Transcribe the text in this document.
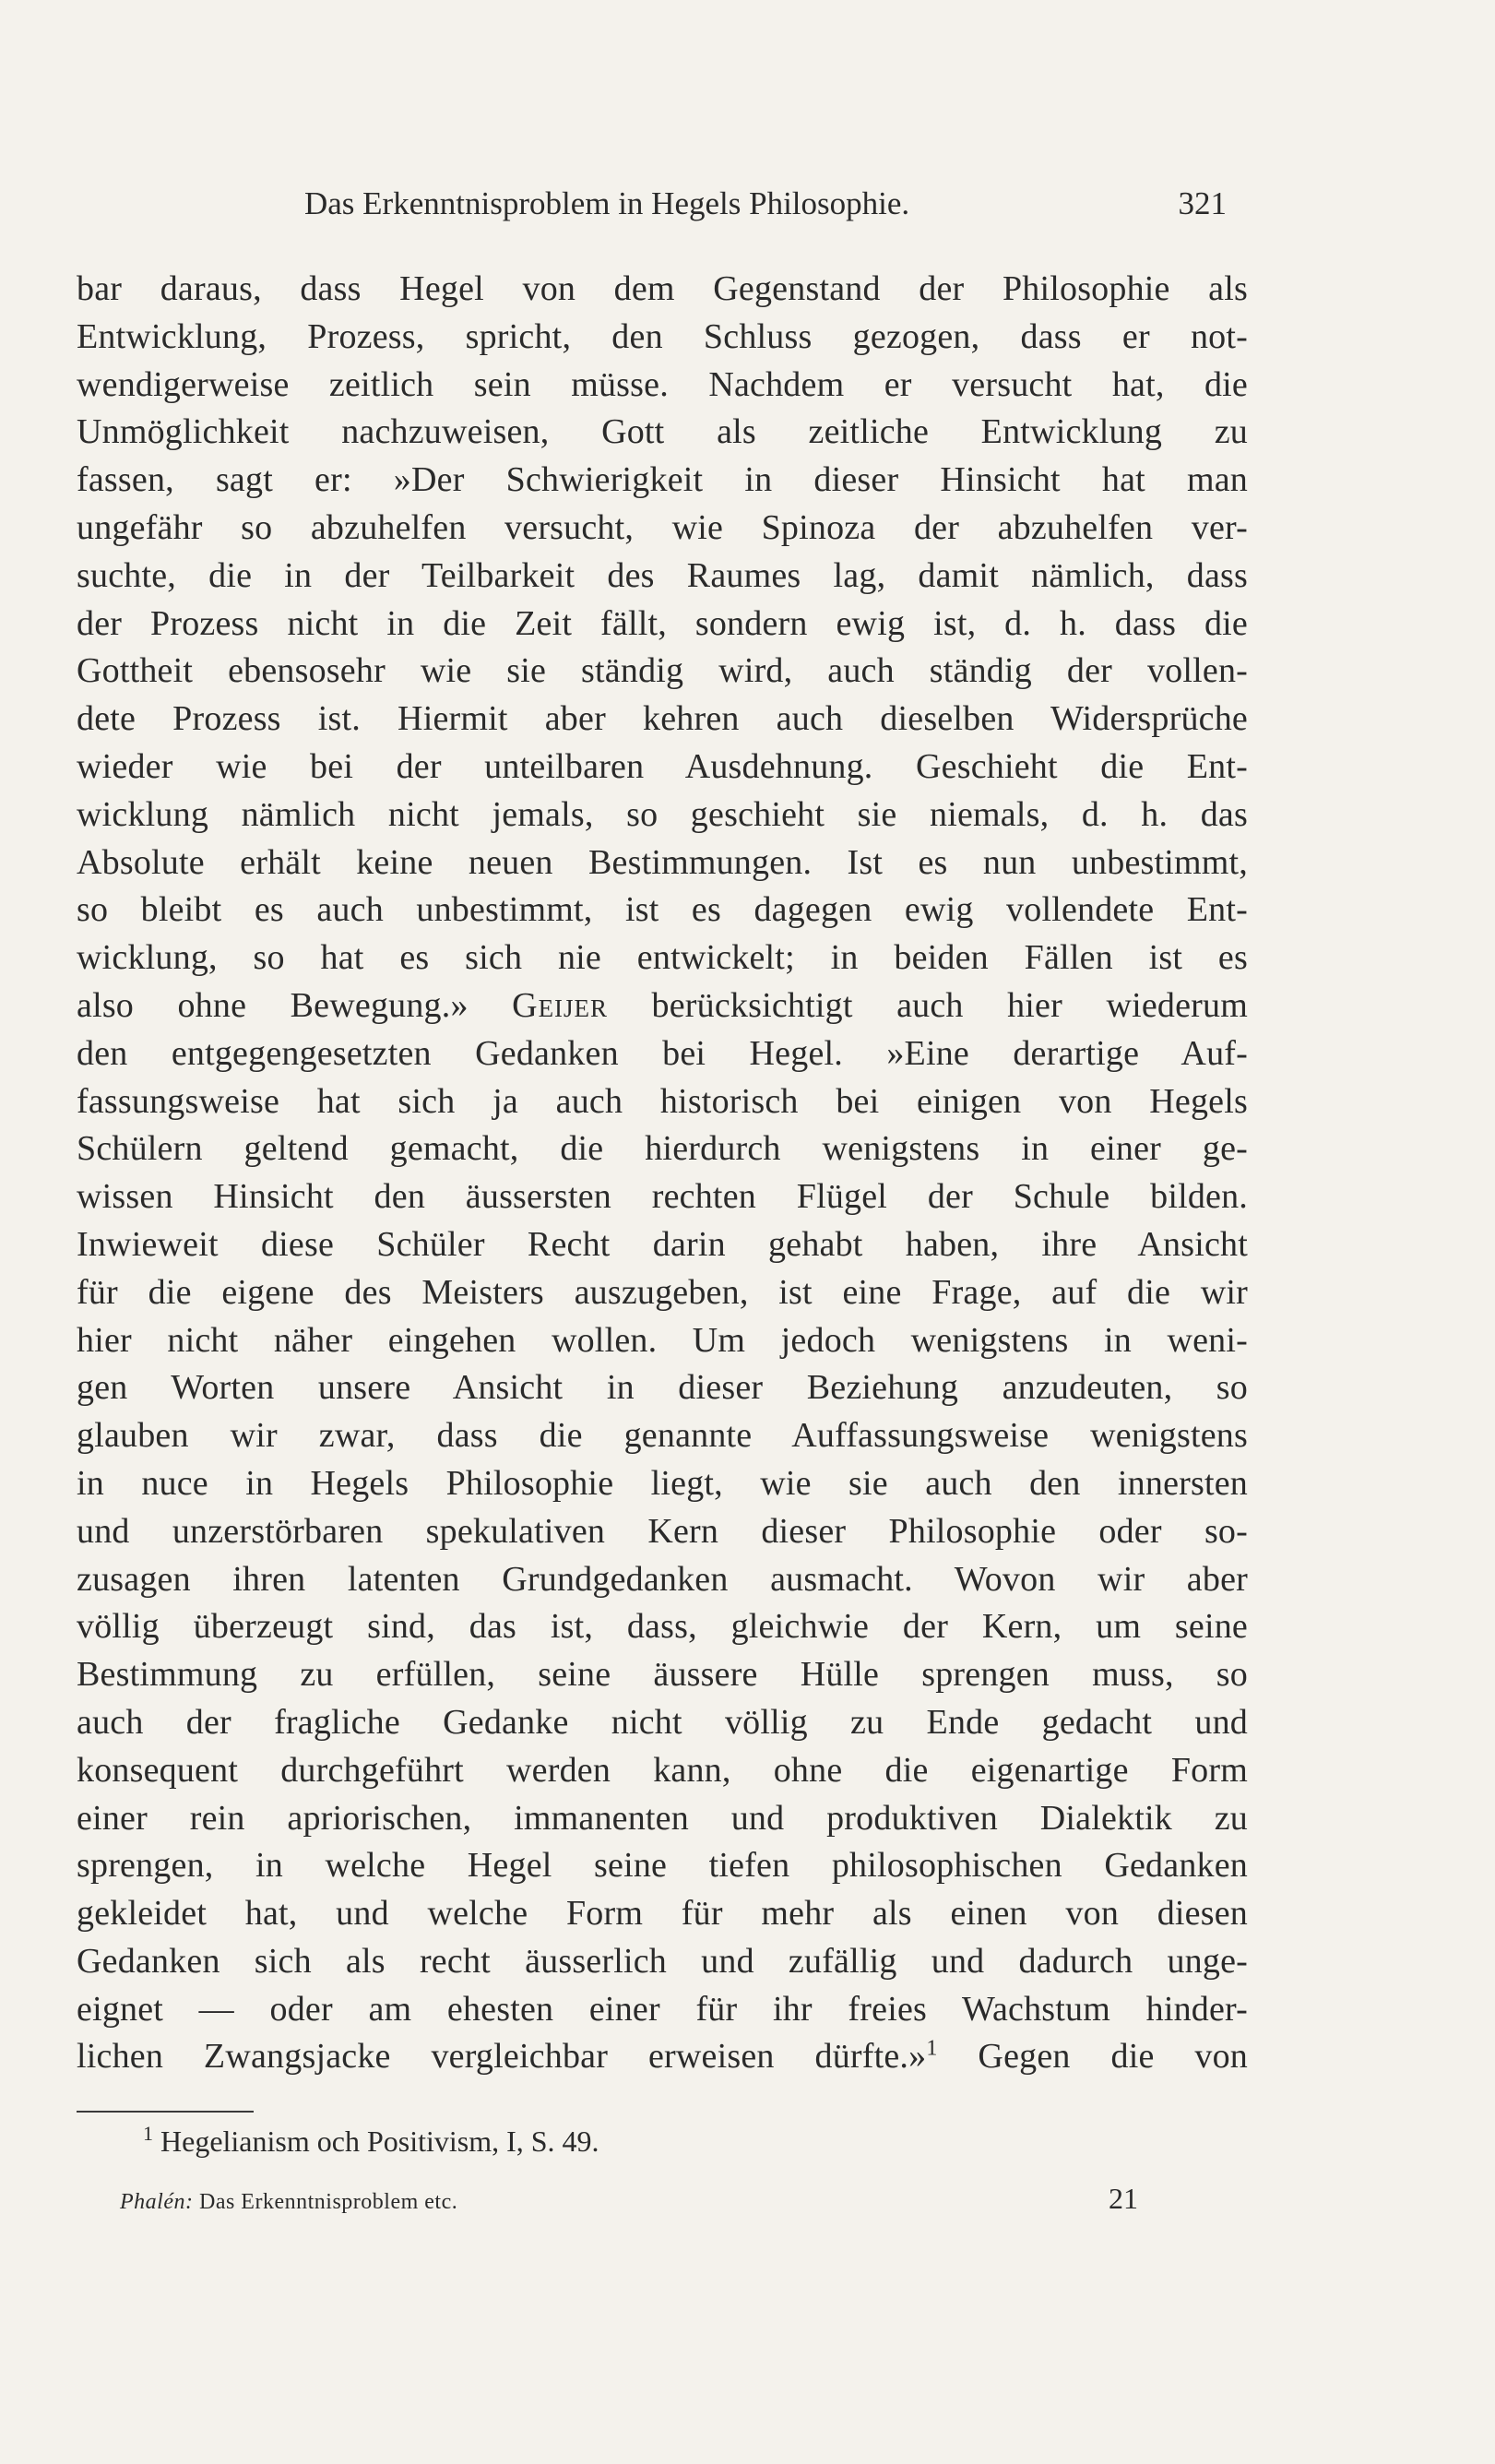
Das Erkenntnisproblem in Hegels Philosophie.	321
bar daraus, dass Hegel von dem Gegenstand der Philosophie als
Entwicklung, Prozess, spricht, den Schluss gezogen, dass er not-
wendigerweise zeitlich sein müsse. Nachdem er versucht hat, die
Unmöglichkeit nachzuweisen, Gott als zeitliche Entwicklung zu
fassen, sagt er: »Der Schwierigkeit in dieser Hinsicht hat man
ungefähr so abzuhelfen versucht, wie Spinoza der abzuhelfen ver-
suchte, die in der Teilbarkeit des Raumes lag, damit nämlich, dass
der Prozess nicht in die Zeit fällt, sondern ewig ist, d. h. dass die
Gottheit ebensosehr wie sie ständig wird, auch ständig der vollen-
dete Prozess ist. Hiermit aber kehren auch dieselben Widersprüche
wieder wie bei der unteilbaren Ausdehnung. Geschieht die Ent-
wicklung nämlich nicht jemals, so geschieht sie niemals, d. h. das
Absolute erhält keine neuen Bestimmungen. Ist es nun unbestimmt,
so bleibt es auch unbestimmt, ist es dagegen ewig vollendete Ent-
wicklung, so hat es sich nie entwickelt; in beiden Fällen ist es
also ohne Bewegung.» Geijer berücksichtigt auch hier wiederum
den entgegengesetzten Gedanken bei Hegel. »Eine derartige Auf-
fassungsweise hat sich ja auch historisch bei einigen von Hegels
Schülern geltend gemacht, die hierdurch wenigstens in einer ge-
wissen Hinsicht den äussersten rechten Flügel der Schule bilden.
Inwieweit diese Schüler Recht darin gehabt haben, ihre Ansicht
für die eigene des Meisters auszugeben, ist eine Frage, auf die wir
hier nicht näher eingehen wollen. Um jedoch wenigstens in weni-
gen Worten unsere Ansicht in dieser Beziehung anzudeuten, so
glauben wir zwar, dass die genannte Auffassungsweise wenigstens
in nuce in Hegels Philosophie liegt, wie sie auch den innersten
und unzerstörbaren spekulativen Kern dieser Philosophie oder so-
zusagen ihren latenten Grundgedanken ausmacht. Wovon wir aber
völlig überzeugt sind, das ist, dass, gleichwie der Kern, um seine
Bestimmung zu erfüllen, seine äussere Hülle sprengen muss, so
auch der fragliche Gedanke nicht völlig zu Ende gedacht und
konsequent durchgeführt werden kann, ohne die eigenartige Form
einer rein apriorischen, immanenten und produktiven Dialektik zu
sprengen, in welche Hegel seine tiefen philosophischen Gedanken
gekleidet hat, und welche Form für mehr als einen von diesen
Gedanken sich als recht äusserlich und zufällig und dadurch unge-
eignet — oder am ehesten einer für ihr freies Wachstum hinder-
lichen Zwangsjacke vergleichbar erweisen dürfte.»$^1$ Gegen die von
$^1$ Hegelianism och Positivism, I, S. 49.
Phalén: Das Erkenntnisproblem etc.	21
